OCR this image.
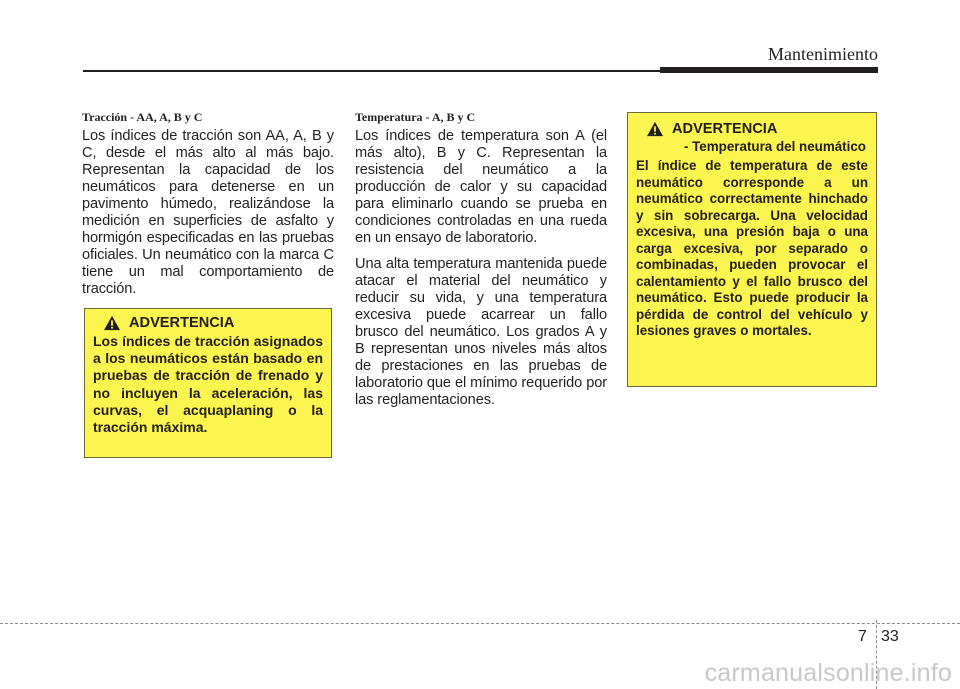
Mantenimiento

Tracción - AA, A, B y C

Los índices de tracción son AA, A, B y C, desde el más alto al más bajo. Representan la capacidad de los neumáticos para detenerse en un pavimento húmedo, realizándose la medición en superficies de asfalto y hormigón especificadas en las pruebas oficiales. Un neumático con la marca C tiene un mal comportamiento de tracción.

ADVERTENCIA

Los índices de tracción asignados a los neumáticos están basado en pruebas de tracción de frenado y no incluyen la aceleración, las curvas, el acquaplaning o la tracción máxima.

Temperatura - A, B y C

Los índices de temperatura son A (el más alto), B y C. Representan la resistencia del neumático a la producción de calor y su capacidad para eliminarlo cuando se prueba en condiciones controladas en una rueda en un ensayo de laboratorio.

Una alta temperatura mantenida puede atacar el material del neumático y reducir su vida, y una temperatura excesiva puede acarrear un fallo brusco del neumático. Los grados A y B representan unos niveles más altos de prestaciones en las pruebas de laboratorio que el mínimo requerido por las reglamentaciones.

ADVERTENCIA
- Temperatura del neumático

El índice de temperatura de este neumático corresponde a un neumático correctamente hinchado y sin sobrecarga. Una velocidad excesiva, una presión baja o una carga excesiva, por separado o combinadas, pueden provocar el calentamiento y el fallo brusco del neumático. Esto puede producir la pérdida de control del vehículo y lesiones graves o mortales.

7 33
carmanualsonline.info
